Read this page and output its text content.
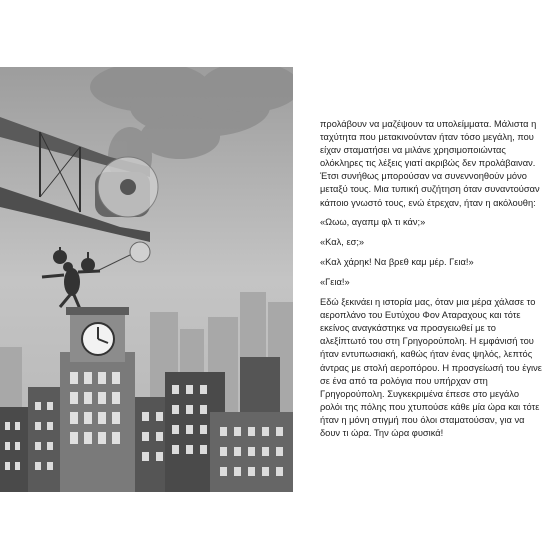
προλάβουν να μαζέψουν τα υπολείμματα. Μάλιστα η ταχύτητα που μετακινούνταν ήταν τόσο μεγάλη, που είχαν σταματήσει να μιλάνε χρησιμοποιώντας ολόκληρες τις λέξεις γιατί ακριβώς δεν προλάβαιναν. Έτσι συνήθως μπορούσαν να συνεννοηθούν μόνο μεταξύ τους. Μια τυπική συζήτηση όταν συναντούσαν κάποιο γνωστό τους, ενώ έτρεχαν, ήταν η ακόλουθη:

«Ωωω, αγαπμ φλ τι κάν;»

«Καλ, εσ;»

«Καλ χάρηκ! Να βρεθ καμ μέρ. Γεια!»

«Γεια!»

Εδώ ξεκινάει η ιστορία μας, όταν μια μέρα χάλασε το αεροπλάνο του Ευτύχου Φον Αταραχους και τότε εκείνος αναγκάστηκε να προσγειωθεί με το αλεξίπτωτό του στη Γρηγορούπολη. Η εμφάνισή του ήταν εντυπωσιακή, καθώς ήταν ένας ψηλός, λεπτός άντρας με στολή αεροπόρου. Η προσγείωσή του έγινε σε ένα από τα ρολόγια που υπήρχαν στη Γρηγορούπολη. Συγκεκριμένα έπεσε στο μεγάλο ρολόι της πόλης που χτυπούσε κάθε μία ώρα και τότε ήταν η μόνη στιγμή που όλοι σταματούσαν, για να δουν τι ώρα. Την ώρα φυσικά!
